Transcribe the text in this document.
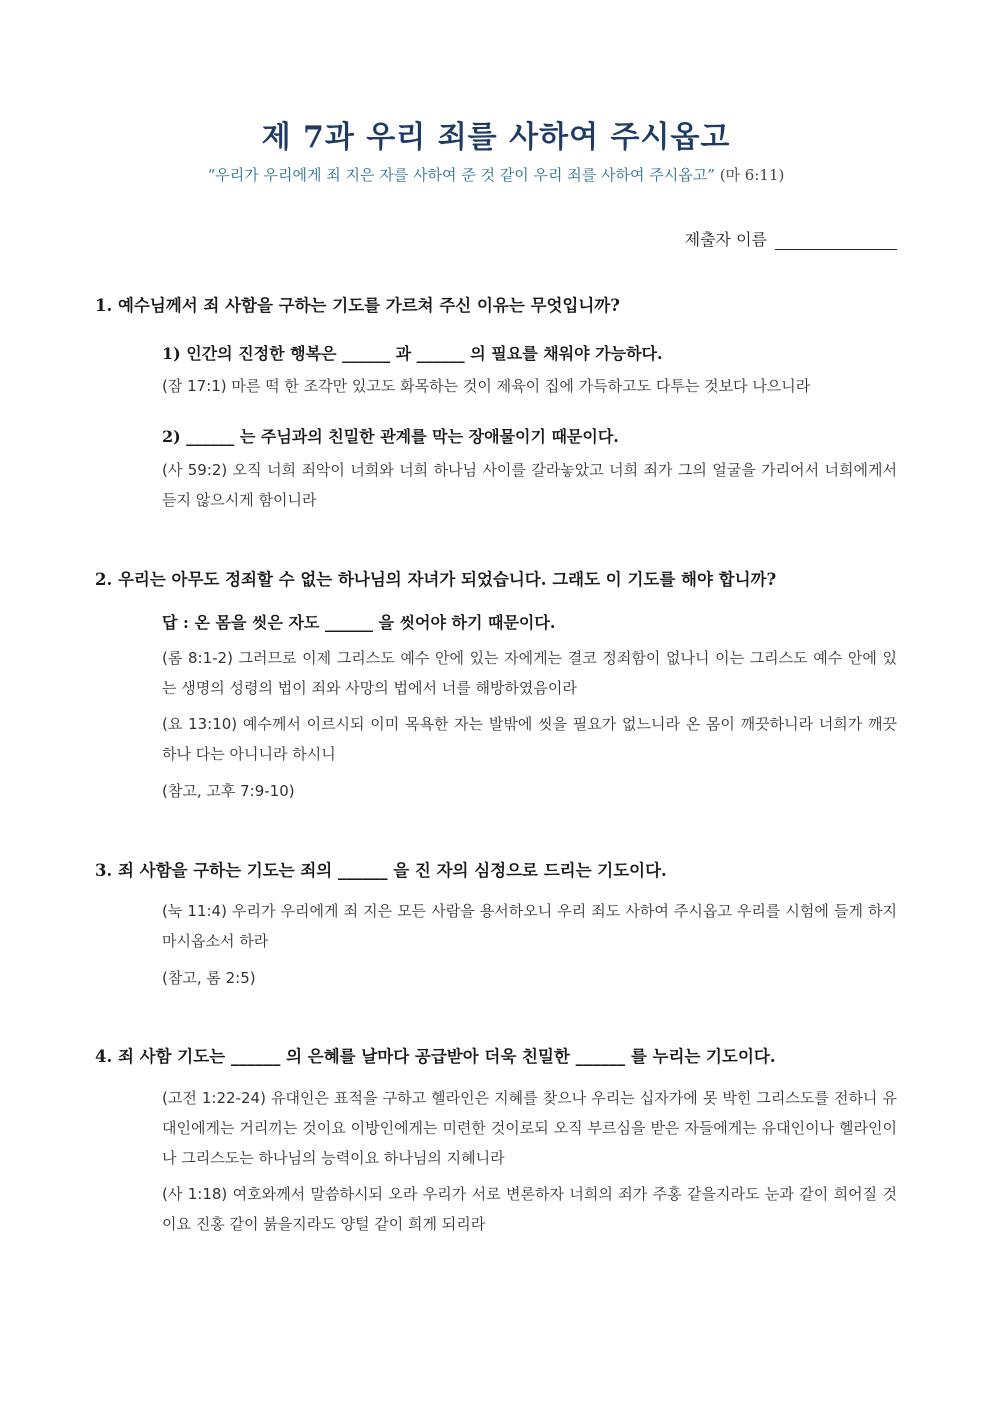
제 7과 우리 죄를 사하여 주시옵고
“우리가 우리에게 죄 지은 자를 사하여 준 것 같이 우리 죄를 사하여 주시옵고” (마 6:11)
제출자 이름
1. 예수님께서 죄 사함을 구하는 기도를 가르쳐 주신 이유는 무엇입니까?
1) 인간의 진정한 행복은 ______ 과 ______ 의 필요를 채워야 가능하다.
(잠 17:1) 마른 떡 한 조각만 있고도 화목하는 것이 제육이 집에 가득하고도 다투는 것보다 나으니라
2) ______ 는 주님과의 친밀한 관계를 막는 장애물이기 때문이다.
(사 59:2) 오직 너희 죄악이 너희와 너희 하나님 사이를 갈라놓았고 너희 죄가 그의 얼굴을 가리어서 너희에게서 듣지 않으시게 함이니라
2. 우리는 아무도 정죄할 수 없는 하나님의 자녀가 되었습니다. 그래도 이 기도를 해야 합니까?
답 : 온 몸을 씻은 자도 ______ 을 씻어야 하기 때문이다.
(롬 8:1-2) 그러므로 이제 그리스도 예수 안에 있는 자에게는 결코 정죄함이 없나니 이는 그리스도 예수 안에 있는 생명의 성령의 법이 죄와 사망의 법에서 너를 해방하였음이라
(요 13:10) 예수께서 이르시되 이미 목욕한 자는 발밖에 씻을 필요가 없느니라 온 몸이 깨끗하니라 너희가 깨끗하나 다는 아니니라 하시니
(참고, 고후 7:9-10)
3. 죄 사함을 구하는 기도는 죄의 ______ 을 진 자의 심정으로 드리는 기도이다.
(눅 11:4) 우리가 우리에게 죄 지은 모든 사람을 용서하오니 우리 죄도 사하여 주시옵고 우리를 시험에 들게 하지 마시옵소서 하라
(참고, 롬 2:5)
4. 죄 사함 기도는 ______ 의 은혜를 날마다 공급받아 더욱 친밀한 ______ 를 누리는 기도이다.
(고전 1:22-24) 유대인은 표적을 구하고 헬라인은 지혜를 찾으나 우리는 십자가에 못 박힌 그리스도를 전하니 유대인에게는 거리끼는 것이요 이방인에게는 미련한 것이로되 오직 부르심을 받은 자들에게는 유대인이나 헬라인이나 그리스도는 하나님의 능력이요 하나님의 지혜니라
(사 1:18) 여호와께서 말씀하시되 오라 우리가 서로 변론하자 너희의 죄가 주홍 같을지라도 눈과 같이 희어질 것이요 진홍 같이 붉을지라도 양털 같이 희게 되리라
